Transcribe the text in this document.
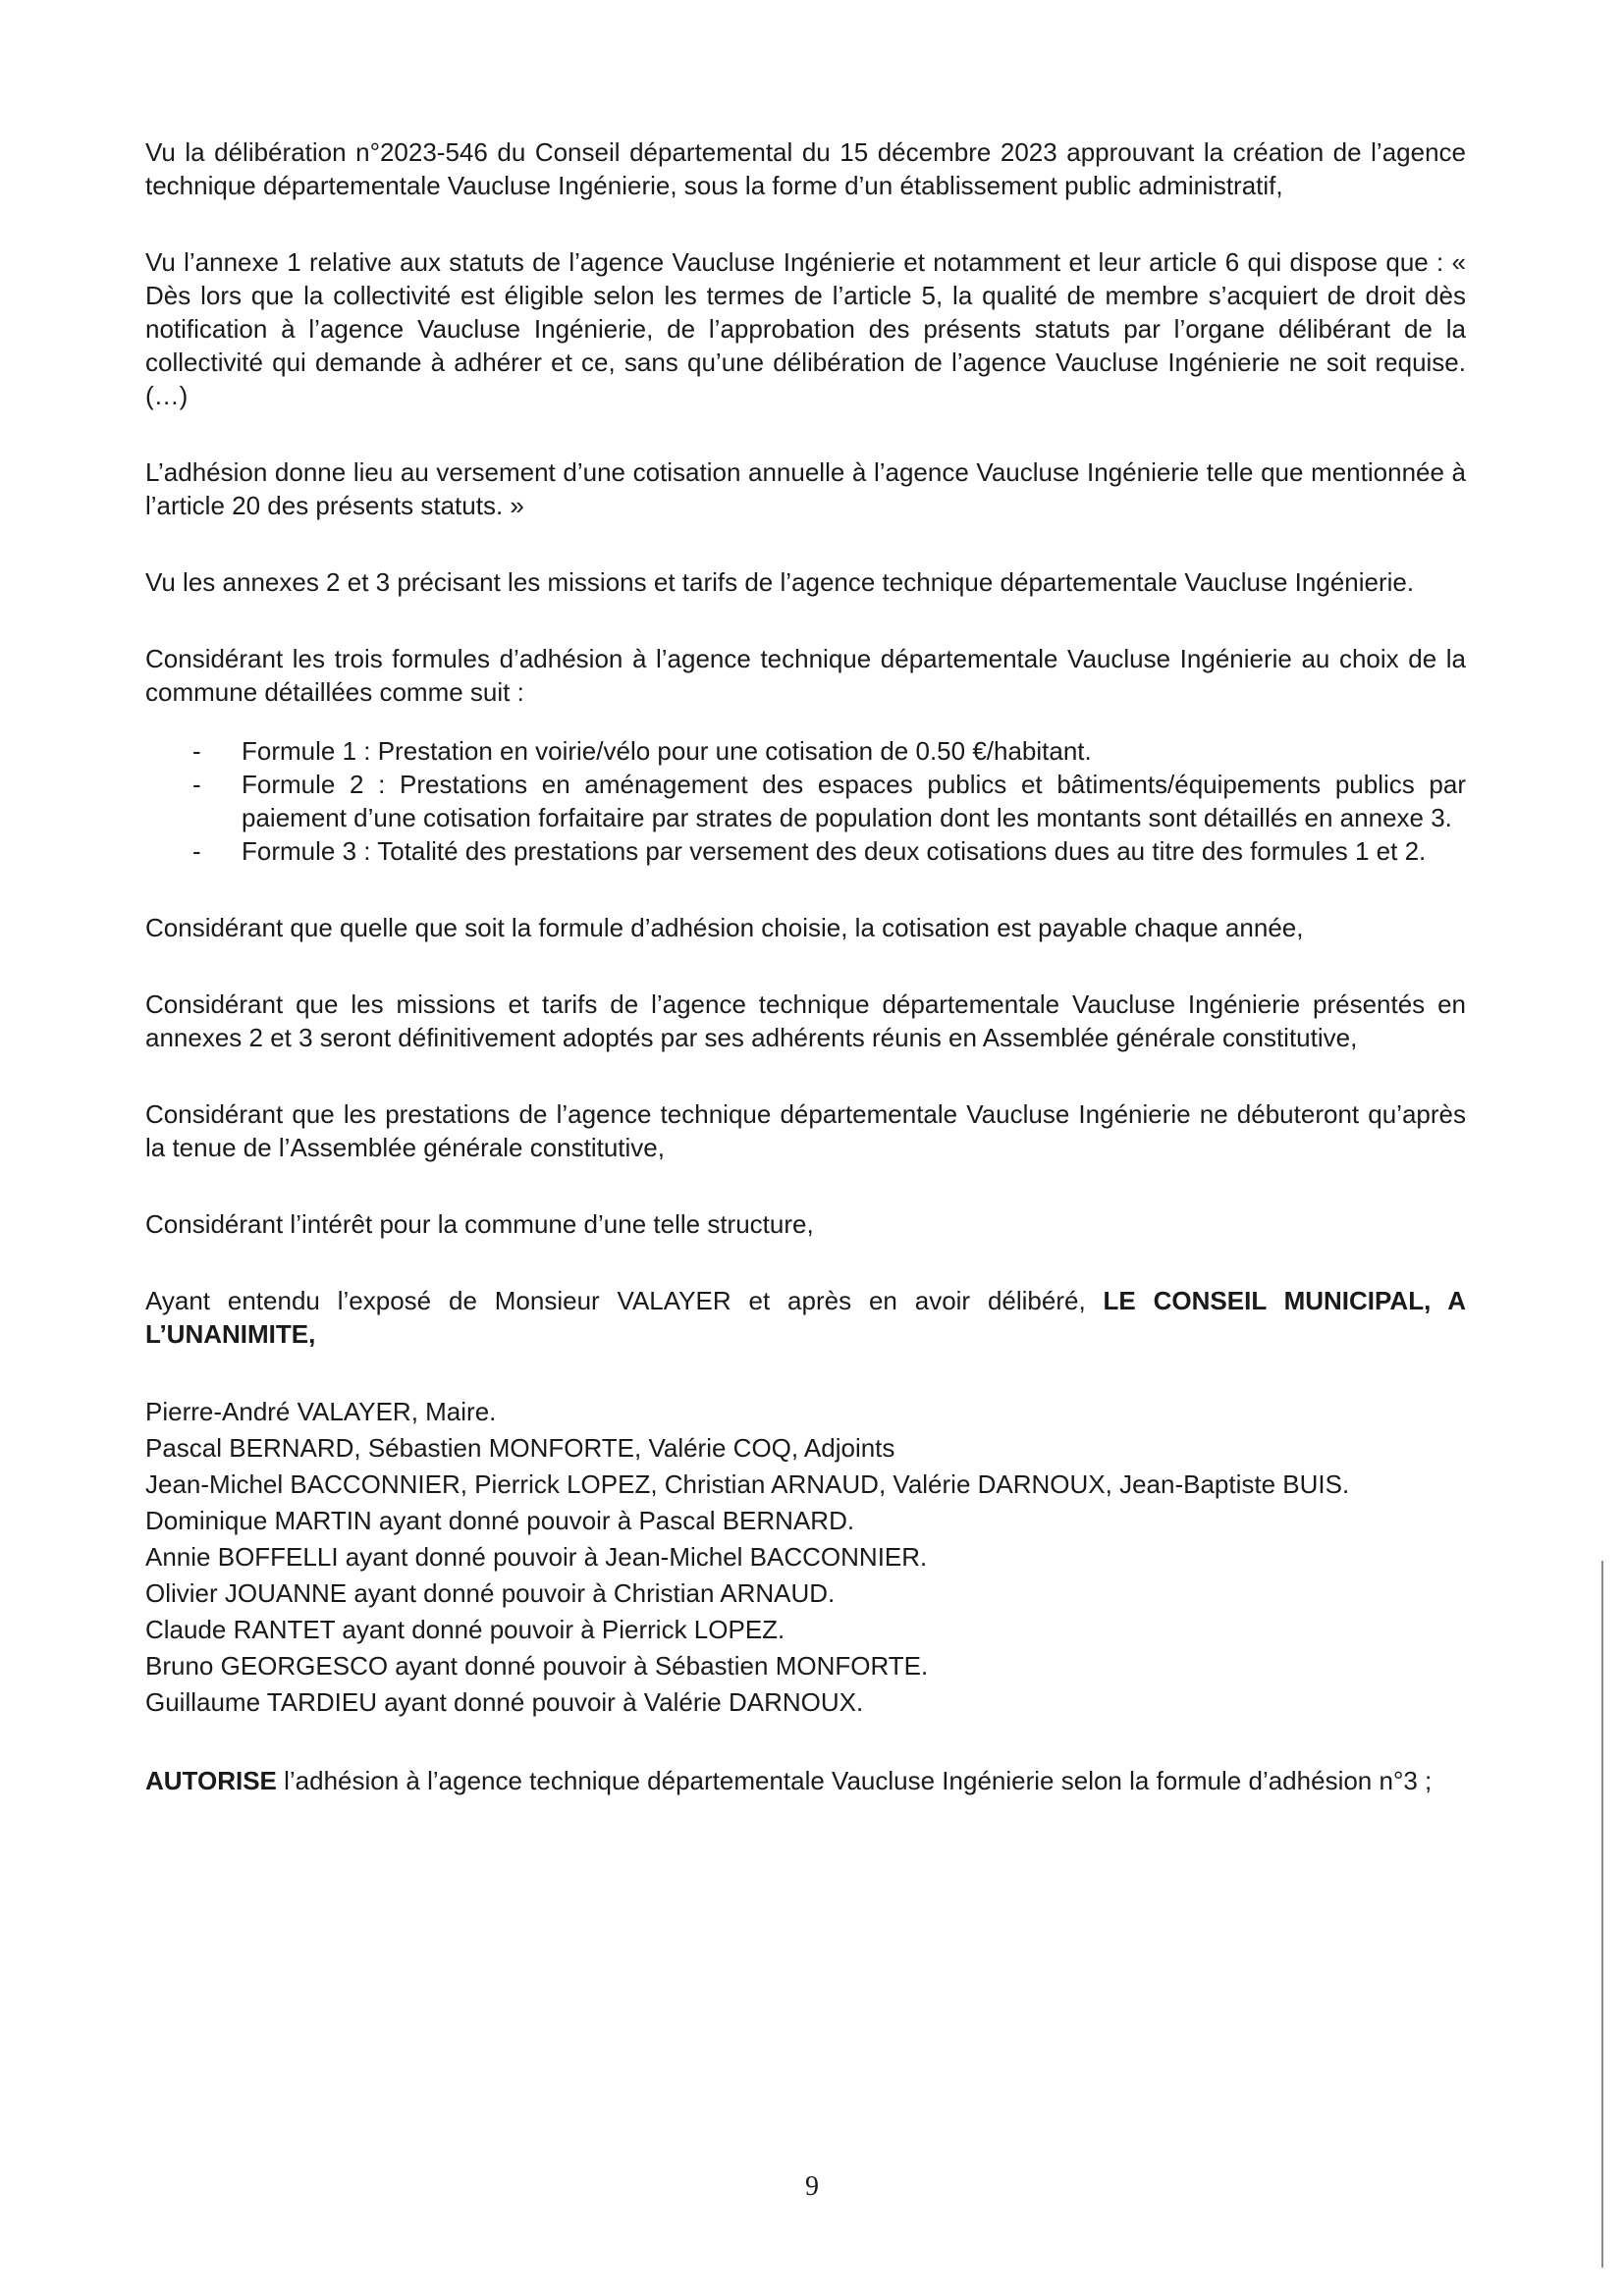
Vu la délibération n°2023-546 du Conseil départemental du 15 décembre 2023 approuvant la création de l’agence technique départementale Vaucluse Ingénierie, sous la forme d’un établissement public administratif,

Vu l’annexe 1 relative aux statuts de l’agence Vaucluse Ingénierie et notamment et leur article 6 qui dispose que : « Dès lors que la collectivité est éligible selon les termes de l’article 5, la qualité de membre s’acquiert de droit dès notification à l’agence Vaucluse Ingénierie, de l’approbation des présents statuts par l’organe délibérant de la collectivité qui demande à adhérer et ce, sans qu’une délibération de l’agence Vaucluse Ingénierie ne soit requise. (…)

L’adhésion donne lieu au versement d’une cotisation annuelle à l’agence Vaucluse Ingénierie telle que mentionnée à l’article 20 des présents statuts. »

Vu les annexes 2 et 3 précisant les missions et tarifs de l’agence technique départementale Vaucluse Ingénierie.

Considérant les trois formules d’adhésion à l’agence technique départementale Vaucluse Ingénierie au choix de la commune détaillées comme suit :

- Formule 1 : Prestation en voirie/vélo pour une cotisation de 0.50 €/habitant.
- Formule 2 : Prestations en aménagement des espaces publics et bâtiments/équipements publics par paiement d’une cotisation forfaitaire par strates de population dont les montants sont détaillés en annexe 3.
- Formule 3 : Totalité des prestations par versement des deux cotisations dues au titre des formules 1 et 2.

Considérant que quelle que soit la formule d’adhésion choisie, la cotisation est payable chaque année,

Considérant que les missions et tarifs de l’agence technique départementale Vaucluse Ingénierie présentés en annexes 2 et 3 seront définitivement adoptés par ses adhérents réunis en Assemblée générale constitutive,

Considérant que les prestations de l’agence technique départementale Vaucluse Ingénierie ne débuteront qu’après la tenue de l’Assemblée générale constitutive,

Considérant l’intérêt pour la commune d’une telle structure,

Ayant entendu l’exposé de Monsieur VALAYER et après en avoir délibéré, LE CONSEIL MUNICIPAL, A L’UNANIMITE,

Pierre-André VALAYER, Maire.
Pascal BERNARD, Sébastien MONFORTE, Valérie COQ, Adjoints
Jean-Michel BACCONNIER, Pierrick LOPEZ, Christian ARNAUD, Valérie DARNOUX, Jean-Baptiste BUIS.
Dominique MARTIN ayant donné pouvoir à Pascal BERNARD.
Annie BOFFELLI ayant donné pouvoir à Jean-Michel BACCONNIER.
Olivier JOUANNE ayant donné pouvoir à Christian ARNAUD.
Claude RANTET ayant donné pouvoir à Pierrick LOPEZ.
Bruno GEORGESCO ayant donné pouvoir à Sébastien MONFORTE.
Guillaume TARDIEU ayant donné pouvoir à Valérie DARNOUX.

AUTORISE l’adhésion à l’agence technique départementale Vaucluse Ingénierie selon la formule d’adhésion n°3 ;

9
